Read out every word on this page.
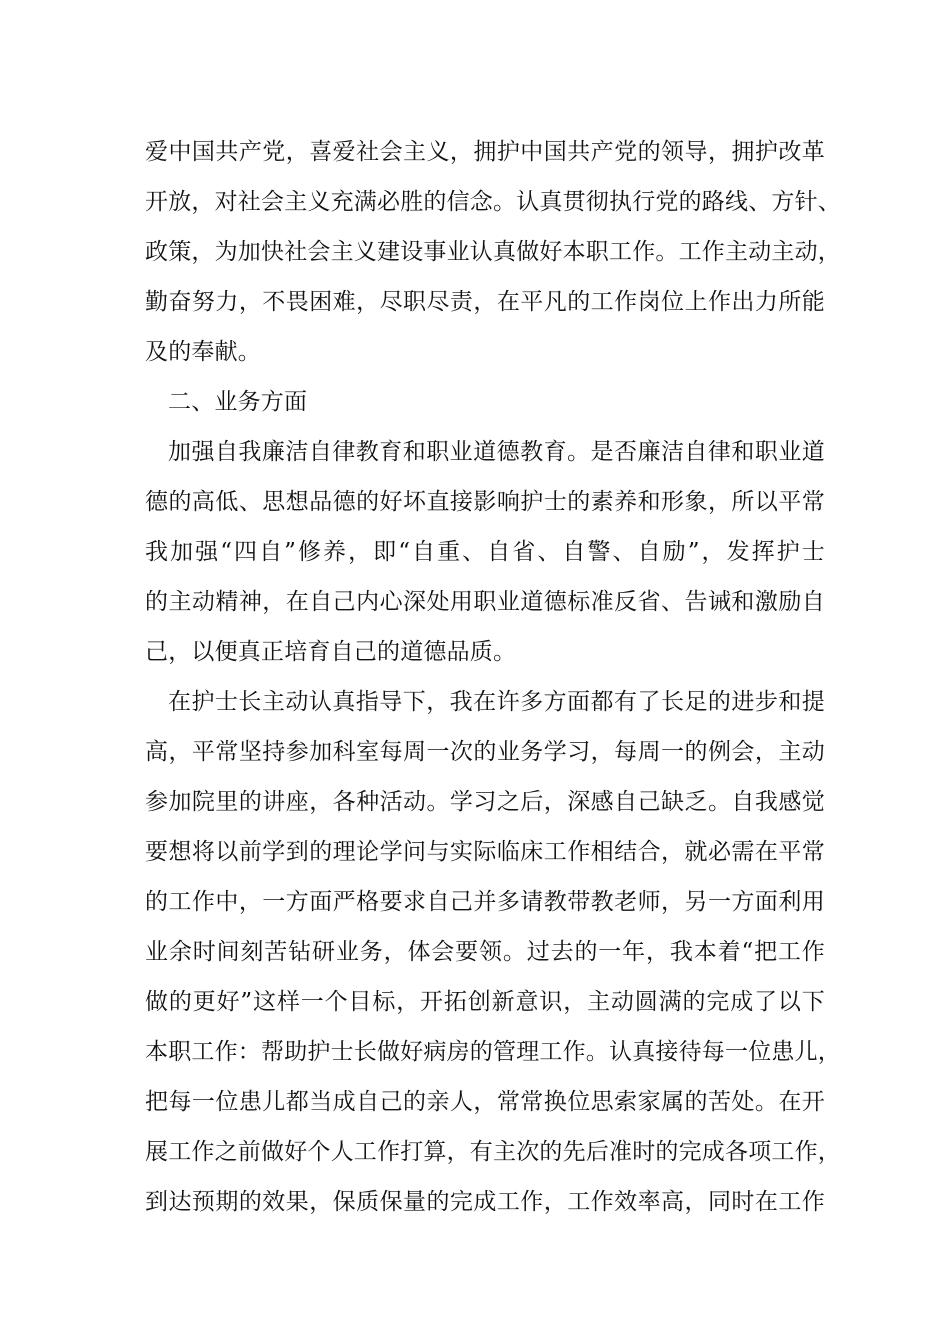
爱中国共产党，喜爱社会主义，拥护中国共产党的领导，拥护改革
开放，对社会主义充满必胜的信念。认真贯彻执行党的路线、方针、
政策，为加快社会主义建设事业认真做好本职工作。工作主动主动，
勤奋努力，不畏困难，尽职尽责，在平凡的工作岗位上作出力所能
及的奉献。
二、业务方面
加强自我廉洁自律教育和职业道德教育。是否廉洁自律和职业道
德的高低、思想品德的好坏直接影响护士的素养和形象，所以平常
我加强“四自”修养，即“自重、自省、自警、自励”，发挥护士
的主动精神，在自己内心深处用职业道德标准反省、告诫和激励自
己，以便真正培育自己的道德品质。
在护士长主动认真指导下，我在许多方面都有了长足的进步和提
高，平常坚持参加科室每周一次的业务学习，每周一的例会，主动
参加院里的讲座，各种活动。学习之后，深感自己缺乏。自我感觉
要想将以前学到的理论学问与实际临床工作相结合，就必需在平常
的工作中，一方面严格要求自己并多请教带教老师，另一方面利用
业余时间刻苦钻研业务，体会要领。过去的一年，我本着“把工作
做的更好”这样一个目标，开拓创新意识，主动圆满的完成了以下
本职工作：帮助护士长做好病房的管理工作。认真接待每一位患儿，
把每一位患儿都当成自己的亲人，常常换位思索家属的苦处。在开
展工作之前做好个人工作打算，有主次的先后准时的完成各项工作，
到达预期的效果，保质保量的完成工作，工作效率高，同时在工作
